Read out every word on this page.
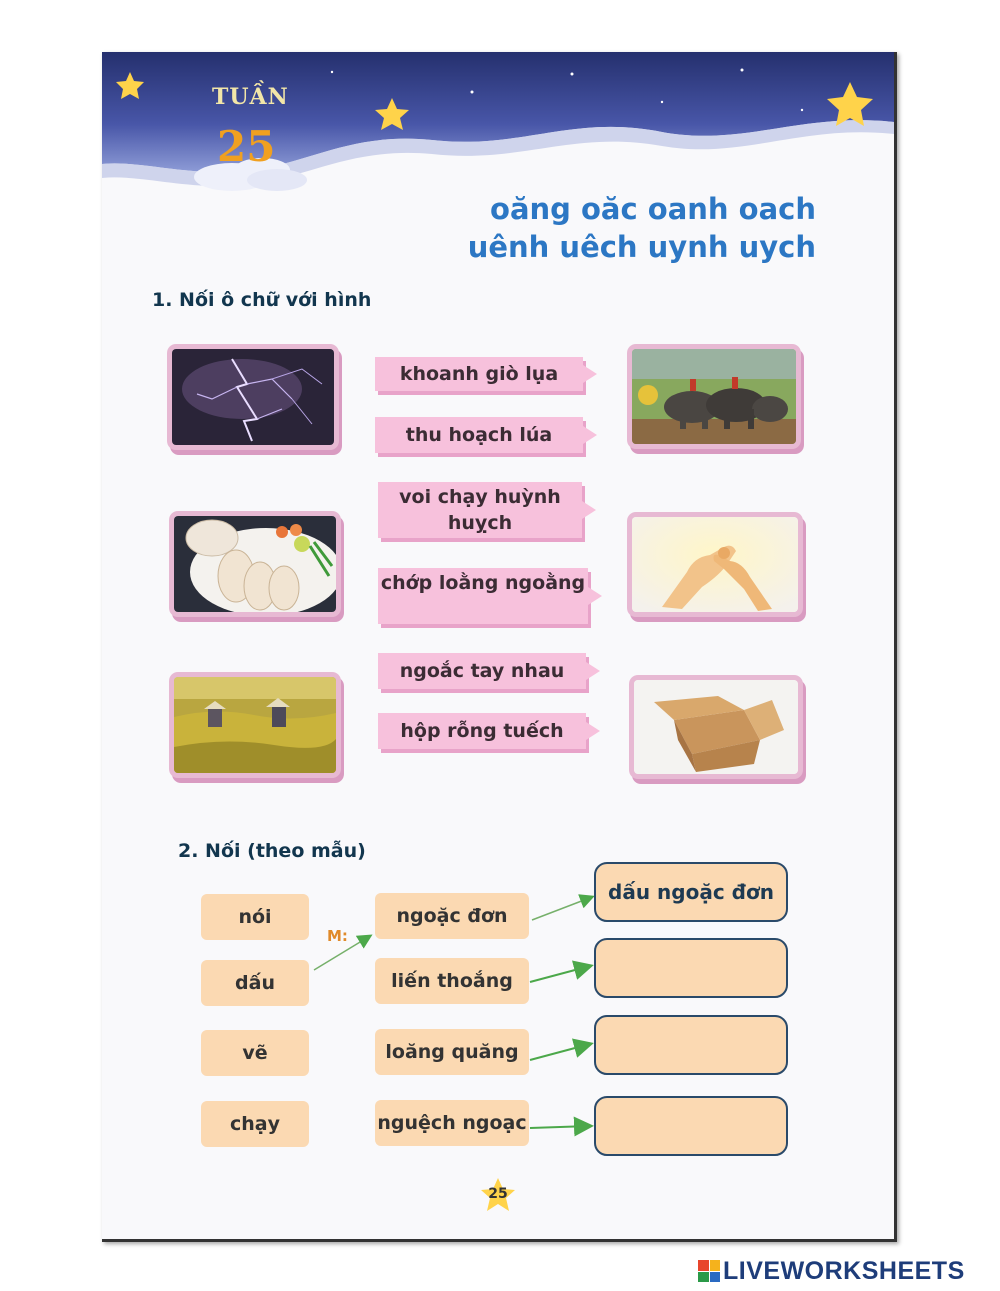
TUẦN
25
oăng oăc oanh oach
uênh uêch uynh uych
1. Nối ô chữ với hình
khoanh giò lụa
thu hoạch lúa
voi chạy huỳnh huỵch
chớp loằng ngoằng
ngoắc tay nhau
hộp rỗng tuếch
2. Nối (theo mẫu)
nói
dấu
vẽ
chạy
M:
ngoặc đơn
liến thoắng
loăng quăng
nguệch ngoạc
dấu ngoặc đơn
25
LIVEWORKSHEETS
